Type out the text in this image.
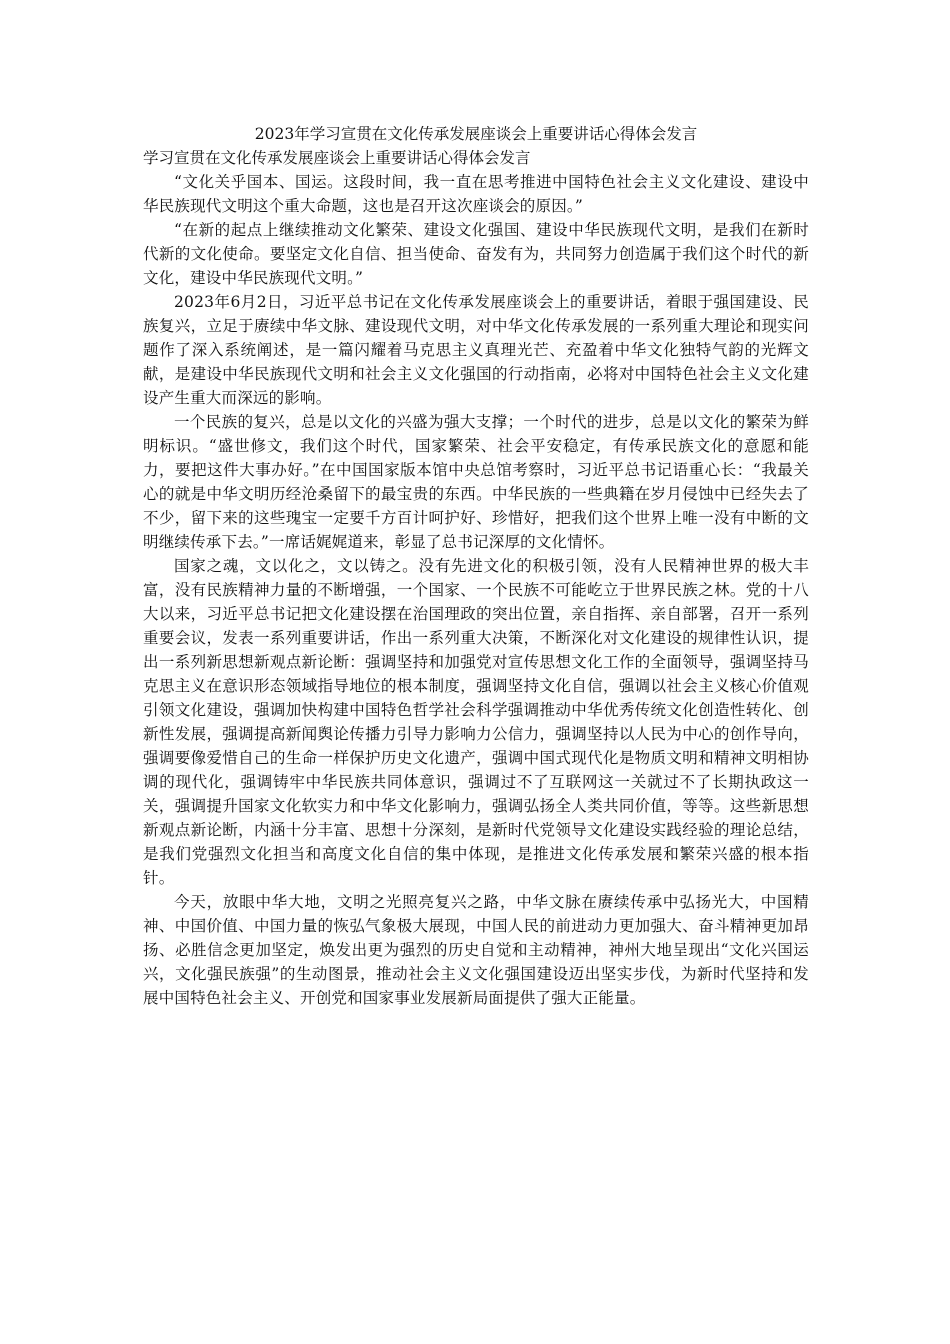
2023年学习宣贯在文化传承发展座谈会上重要讲话心得体会发言
学习宣贯在文化传承发展座谈会上重要讲话心得体会发言

“文化关乎国本、国运。这段时间，我一直在思考推进中国特色社会主义文化建设、建设中华民族现代文明这个重大命题，这也是召开这次座谈会的原因。”

“在新的起点上继续推动文化繁荣、建设文化强国、建设中华民族现代文明，是我们在新时代新的文化使命。要坚定文化自信、担当使命、奋发有为，共同努力创造属于我们这个时代的新文化，建设中华民族现代文明。”

2023年6月2日，习近平总书记在文化传承发展座谈会上的重要讲话，着眼于强国建设、民族复兴，立足于赓续中华文脉、建设现代文明，对中华文化传承发展的一系列重大理论和现实问题作了深入系统阐述，是一篇闪耀着马克思主义真理光芒、充盈着中华文化独特气韵的光辉文献，是建设中华民族现代文明和社会主义文化强国的行动指南，必将对中国特色社会主义文化建设产生重大而深远的影响。

一个民族的复兴，总是以文化的兴盛为强大支撑；一个时代的进步，总是以文化的繁荣为鲜明标识。“盛世修文，我们这个时代，国家繁荣、社会平安稳定，有传承民族文化的意愿和能力，要把这件大事办好。”在中国国家版本馆中央总馆考察时，习近平总书记语重心长：“我最关心的就是中华文明历经沧桑留下的最宝贵的东西。中华民族的一些典籍在岁月侵蚀中已经失去了不少，留下来的这些瑰宝一定要千方百计呵护好、珍惜好，把我们这个世界上唯一没有中断的文明继续传承下去。”一席话娓娓道来，彰显了总书记深厚的文化情怀。

国家之魂，文以化之，文以铸之。没有先进文化的积极引领，没有人民精神世界的极大丰富，没有民族精神力量的不断增强，一个国家、一个民族不可能屹立于世界民族之林。党的十八大以来，习近平总书记把文化建设摆在治国理政的突出位置，亲自指挥、亲自部署，召开一系列重要会议，发表一系列重要讲话，作出一系列重大决策，不断深化对文化建设的规律性认识，提出一系列新思想新观点新论断：强调坚持和加强党对宣传思想文化工作的全面领导，强调坚持马克思主义在意识形态领域指导地位的根本制度，强调坚持文化自信，强调以社会主义核心价值观引领文化建设，强调加快构建中国特色哲学社会科学强调推动中华优秀传统文化创造性转化、创新性发展，强调提高新闻舆论传播力引导力影响力公信力，强调坚持以人民为中心的创作导向，强调要像爱惜自己的生命一样保护历史文化遗产，强调中国式现代化是物质文明和精神文明相协调的现代化，强调铸牢中华民族共同体意识，强调过不了互联网这一关就过不了长期执政这一关，强调提升国家文化软实力和中华文化影响力，强调弘扬全人类共同价值，等等。这些新思想新观点新论断，内涵十分丰富、思想十分深刻，是新时代党领导文化建设实践经验的理论总结，是我们党强烈文化担当和高度文化自信的集中体现，是推进文化传承发展和繁荣兴盛的根本指针。

今天，放眼中华大地，文明之光照亮复兴之路，中华文脉在赓续传承中弘扬光大，中国精神、中国价值、中国力量的恢弘气象极大展现，中国人民的前进动力更加强大、奋斗精神更加昂扬、必胜信念更加坚定，焕发出更为强烈的历史自觉和主动精神，神州大地呈现出“文化兴国运兴，文化强民族强”的生动图景，推动社会主义文化强国建设迈出坚实步伐，为新时代坚持和发展中国特色社会主义、开创党和国家事业发展新局面提供了强大正能量。
